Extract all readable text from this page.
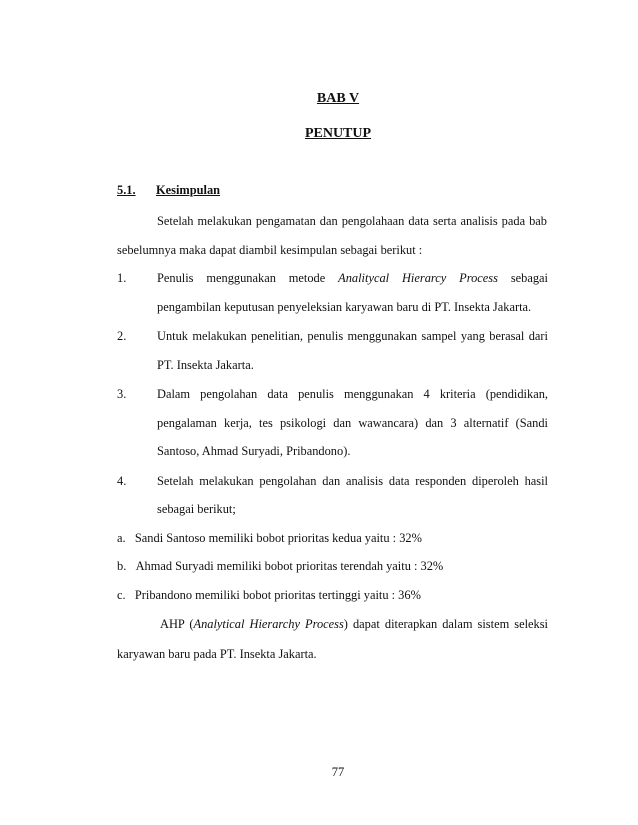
BAB V
PENUTUP
5.1. Kesimpulan
Setelah melakukan pengamatan dan pengolahaan data serta analisis pada bab
sebelumnya maka dapat diambil kesimpulan sebagai berikut :
1. Penulis menggunakan metode Analitycal Hierarcy Process sebagai
pengambilan keputusan penyeleksian karyawan baru di PT. Insekta Jakarta.
2. Untuk melakukan penelitian, penulis menggunakan sampel yang berasal dari
PT. Insekta Jakarta.
3. Dalam pengolahan data penulis menggunakan 4 kriteria (pendidikan,
pengalaman kerja, tes psikologi dan wawancara) dan 3 alternatif (Sandi
Santoso, Ahmad Suryadi, Pribandono).
4. Setelah melakukan pengolahan dan analisis data responden diperoleh hasil
sebagai berikut;
a. Sandi Santoso memiliki bobot prioritas kedua yaitu : 32%
b. Ahmad Suryadi memiliki bobot prioritas terendah yaitu : 32%
c. Pribandono memiliki bobot prioritas tertinggi yaitu : 36%
AHP (Analytical Hierarchy Process) dapat diterapkan dalam sistem seleksi
karyawan baru pada PT. Insekta Jakarta.
77
